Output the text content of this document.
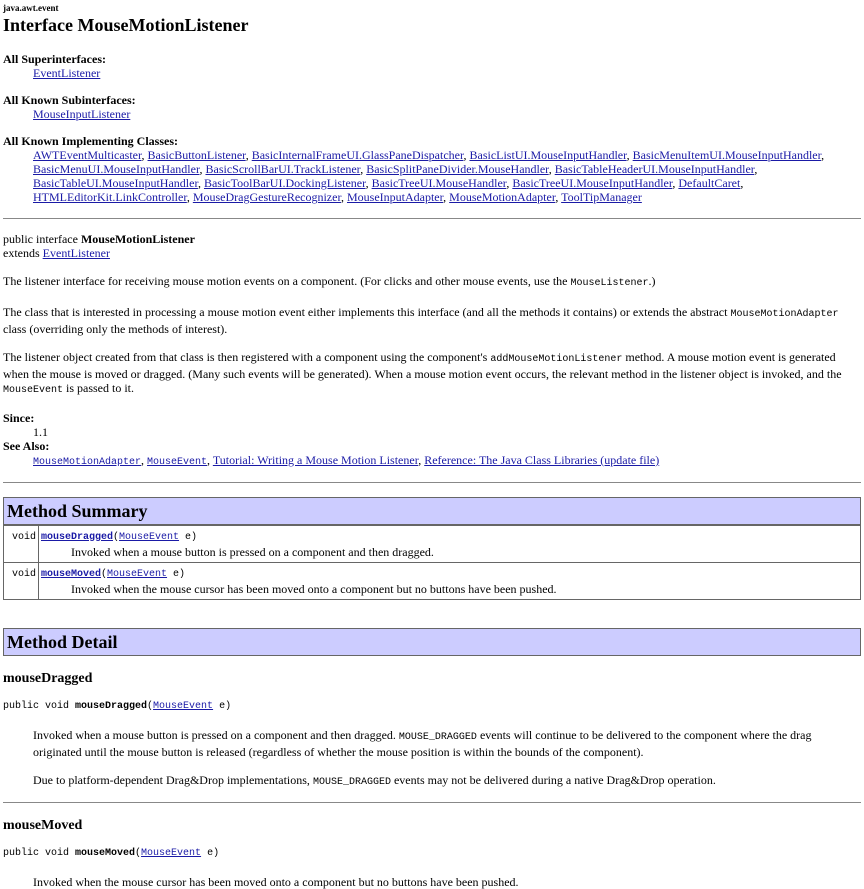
java.awt.event
Interface MouseMotionListener
All Superinterfaces:
EventListener
All Known Subinterfaces:
MouseInputListener
All Known Implementing Classes:
AWTEventMulticaster, BasicButtonListener, BasicInternalFrameUI.GlassPaneDispatcher, BasicListUI.MouseInputHandler, BasicMenuItemUI.MouseInputHandler,
BasicMenuUI.MouseInputHandler, BasicScrollBarUI.TrackListener, BasicSplitPaneDivider.MouseHandler, BasicTableHeaderUI.MouseInputHandler,
BasicTableUI.MouseInputHandler, BasicToolBarUI.DockingListener, BasicTreeUI.MouseHandler, BasicTreeUI.MouseInputHandler, DefaultCaret,
HTMLEditorKit.LinkController, MouseDragGestureRecognizer, MouseInputAdapter, MouseMotionAdapter, ToolTipManager
public interface MouseMotionListener
extends EventListener

The listener interface for receiving mouse motion events on a component. (For clicks and other mouse events, use the MouseListener.)

The class that is interested in processing a mouse motion event either implements this interface (and all the methods it contains) or extends the abstract MouseMotionAdapter class (overriding only the methods of interest).

The listener object created from that class is then registered with a component using the component's addMouseMotionListener method. A mouse motion event is generated when the mouse is moved or dragged. (Many such events will be generated). When a mouse motion event occurs, the relevant method in the listener object is invoked, and the MouseEvent is passed to it.

Since:
1.1
See Also:
MouseMotionAdapter, MouseEvent, Tutorial: Writing a Mouse Motion Listener, Reference: The Java Class Libraries (update file)
Method Summary
void	mouseDragged(MouseEvent e)

Invoked when a mouse button is pressed on a component and then dragged.

void	mouseMoved(MouseEvent e)

Invoked when the mouse cursor has been moved onto a component but no buttons have been pushed.
Method Detail
mouseDragged
public void mouseDragged(MouseEvent e)

Invoked when a mouse button is pressed on a component and then dragged. MOUSE_DRAGGED events will continue to be delivered to the component where the drag originated until the mouse button is released (regardless of whether the mouse position is within the bounds of the component).

Due to platform-dependent Drag&Drop implementations, MOUSE_DRAGGED events may not be delivered during a native Drag&Drop operation.

mouseMoved
public void mouseMoved(MouseEvent e)

Invoked when the mouse cursor has been moved onto a component but no buttons have been pushed.
